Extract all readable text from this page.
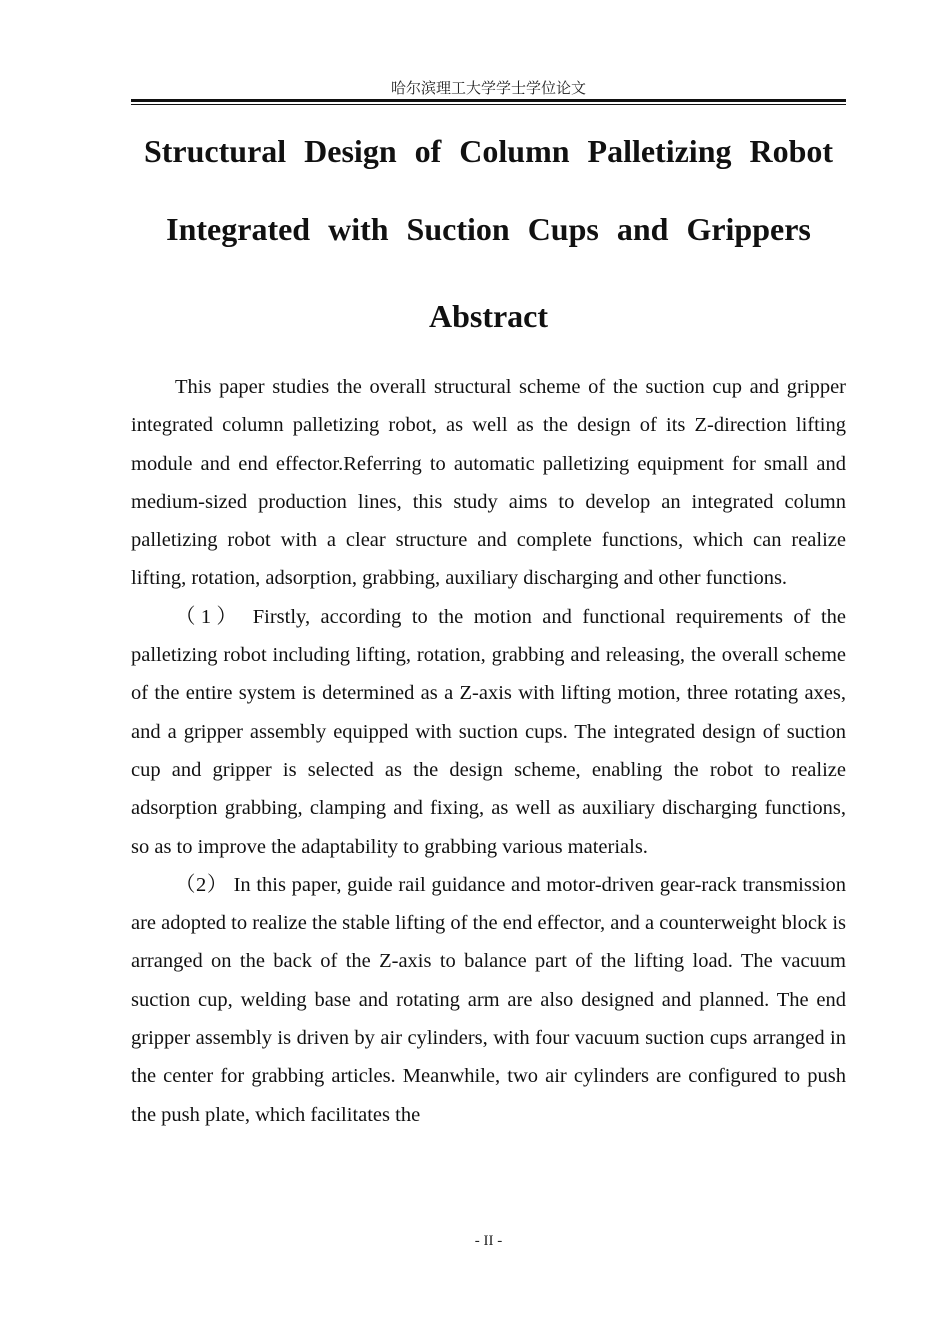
哈尔滨理工大学学士学位论文
Structural Design of Column Palletizing Robot
Integrated with Suction Cups and Grippers
Abstract

This paper studies the overall structural scheme of the suction cup and gripper integrated column palletizing robot, as well as the design of its Z-direction lifting module and end effector.Referring to automatic palletizing equipment for small and medium-sized production lines, this study aims to develop an integrated column palletizing robot with a clear structure and complete functions, which can realize lifting, rotation, adsorption, grabbing, auxiliary discharging and other functions.

（1） Firstly, according to the motion and functional requirements of the palletizing robot including lifting, rotation, grabbing and releasing, the overall scheme of the entire system is determined as a Z-axis with lifting motion, three rotating axes, and a gripper assembly equipped with suction cups. The integrated design of suction cup and gripper is selected as the design scheme, enabling the robot to realize adsorption grabbing, clamping and fixing, as well as auxiliary discharging functions, so as to improve the adaptability to grabbing various materials.

（2） In this paper, guide rail guidance and motor-driven gear-rack transmission are adopted to realize the stable lifting of the end effector, and a counterweight block is arranged on the back of the Z-axis to balance part of the lifting load. The vacuum suction cup, welding base and rotating arm are also designed and planned. The end gripper assembly is driven by air cylinders, with four vacuum suction cups arranged in the center for grabbing articles. Meanwhile, two air cylinders are configured to push the push plate, which facilitates the

- II -
